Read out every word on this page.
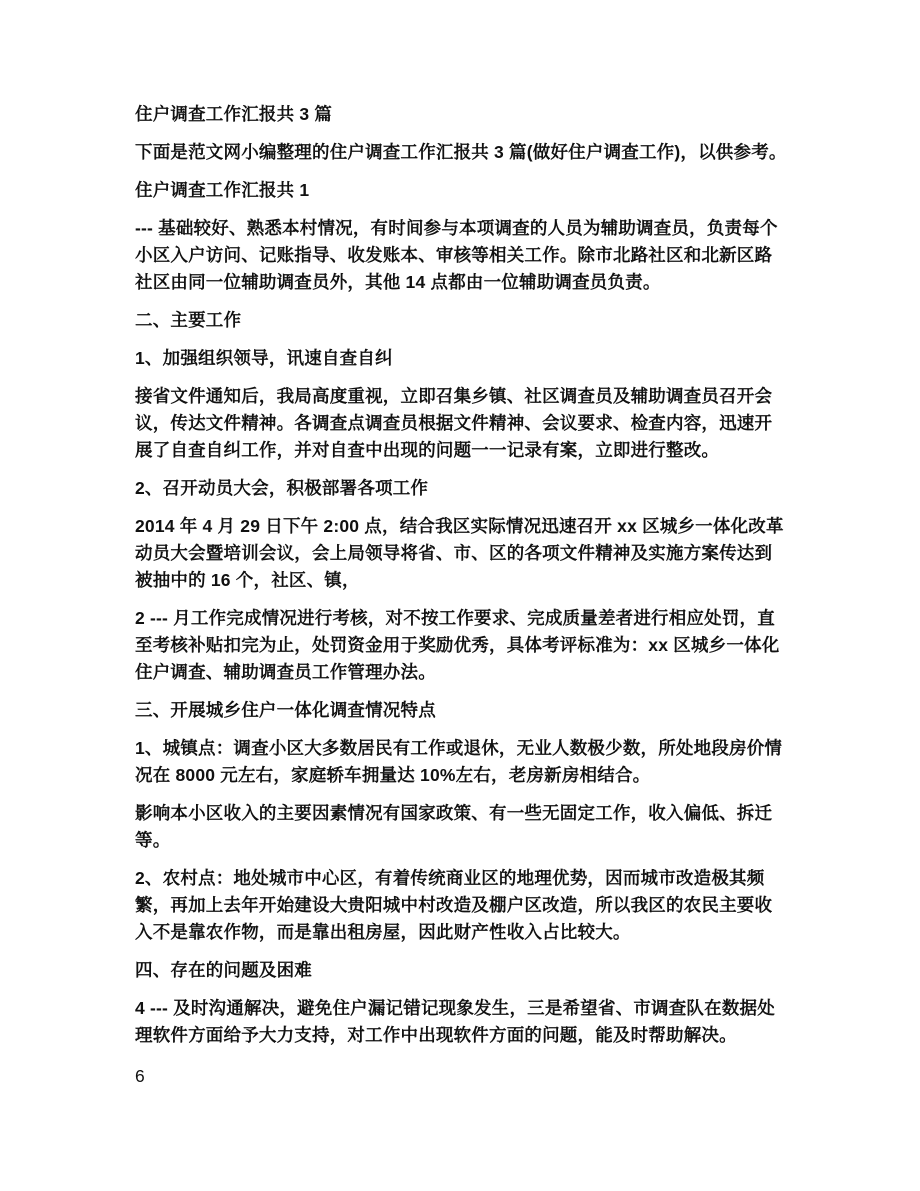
住户调查工作汇报共 3 篇

下面是范文网小编整理的住户调查工作汇报共 3 篇(做好住户调查工作)，以供参考。

住户调查工作汇报共 1

--- 基础较好、熟悉本村情况，有时间参与本项调查的人员为辅助调查员，负责每个小区入户访问、记账指导、收发账本、审核等相关工作。除市北路社区和北新区路社区由同一位辅助调查员外，其他 14 点都由一位辅助调查员负责。

二、主要工作

1、加强组织领导，讯速自查自纠

接省文件通知后，我局高度重视，立即召集乡镇、社区调查员及辅助调查员召开会议，传达文件精神。各调查点调查员根据文件精神、会议要求、检查内容，迅速开展了自查自纠工作，并对自查中出现的问题一一记录有案，立即进行整改。

2、召开动员大会，积极部署各项工作

2014 年 4 月 29 日下午 2:00 点，结合我区实际情况迅速召开 xx 区城乡一体化改革动员大会暨培训会议，会上局领导将省、市、区的各项文件精神及实施方案传达到被抽中的 16 个，社区、镇，

2 --- 月工作完成情况进行考核，对不按工作要求、完成质量差者进行相应处罚，直至考核补贴扣完为止，处罚资金用于奖励优秀，具体考评标准为：xx 区城乡一体化住户调查、辅助调查员工作管理办法。

三、开展城乡住户一体化调查情况特点

1、城镇点：调查小区大多数居民有工作或退休，无业人数极少数，所处地段房价情况在 8000 元左右，家庭轿车拥量达 10%左右，老房新房相结合。

影响本小区收入的主要因素情况有国家政策、有一些无固定工作，收入偏低、拆迁等。

2、农村点：地处城市中心区，有着传统商业区的地理优势，因而城市改造极其频繁，再加上去年开始建设大贵阳城中村改造及棚户区改造，所以我区的农民主要收入不是靠农作物，而是靠出租房屋，因此财产性收入占比较大。

四、存在的问题及困难

4 --- 及时沟通解决，避免住户漏记错记现象发生，三是希望省、市调查队在数据处理软件方面给予大力支持，对工作中出现软件方面的问题，能及时帮助解决。

6
